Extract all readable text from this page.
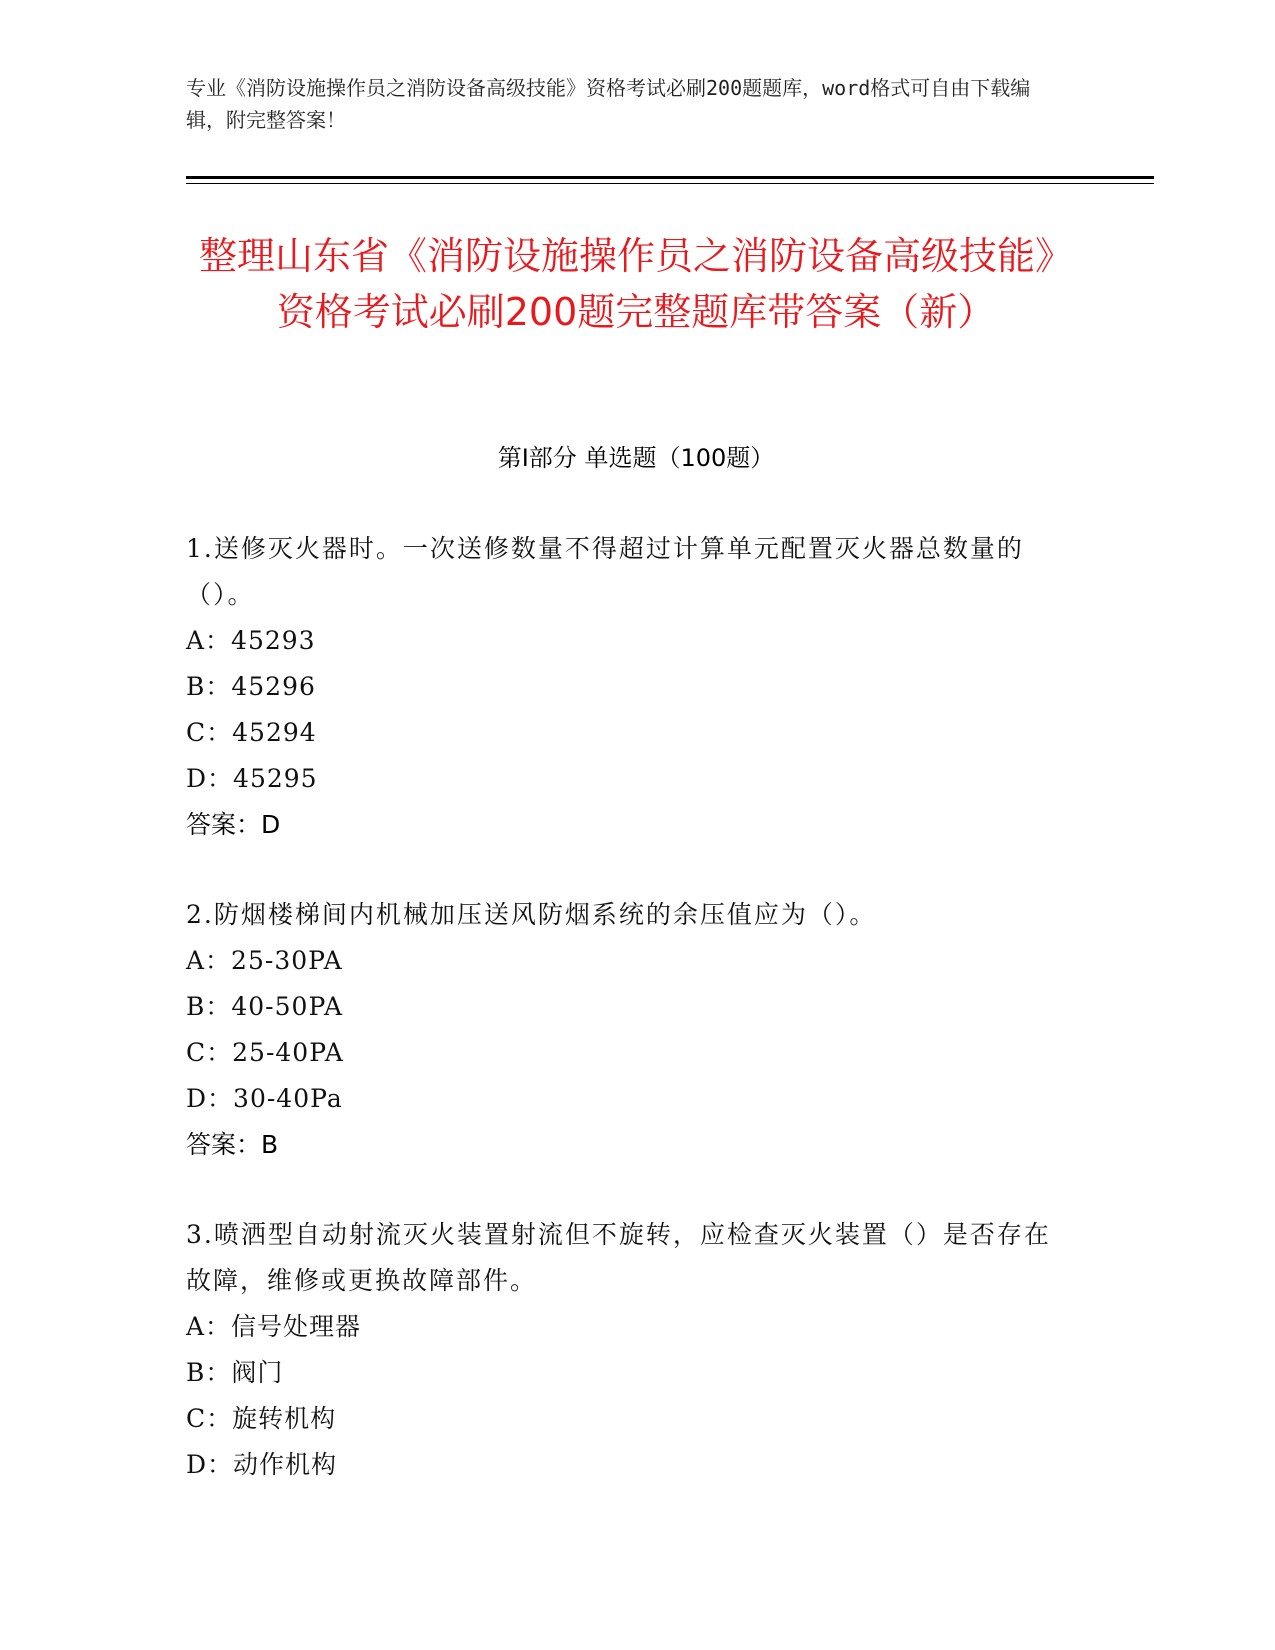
专业《消防设施操作员之消防设备高级技能》资格考试必刷200题题库，word格式可自由下载编辑，附完整答案！
整理山东省《消防设施操作员之消防设备高级技能》资格考试必刷200题完整题库带答案（新）
第I部分 单选题（100题）
1.送修灭火器时。一次送修数量不得超过计算单元配置灭火器总数量的（）。
A：45293
B：45296
C：45294
D：45295
答案：D
2.防烟楼梯间内机械加压送风防烟系统的余压值应为（）。
A：25-30PA
B：40-50PA
C：25-40PA
D：30-40Pa
答案：B
3.喷洒型自动射流灭火装置射流但不旋转，应检查灭火装置（）是否存在故障，维修或更换故障部件。
A：信号处理器
B：阀门
C：旋转机构
D：动作机构
